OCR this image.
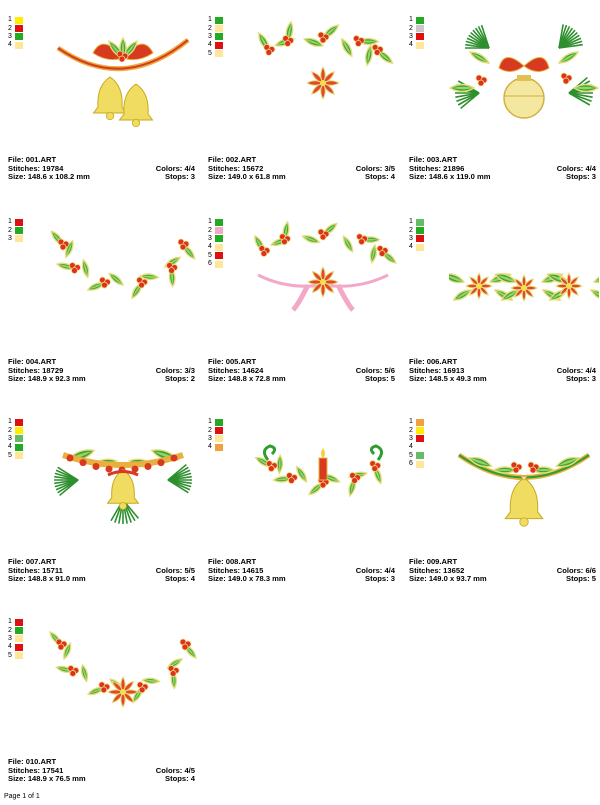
1
2
3
4
File: 001.ART
Stitches: 19784	Colors: 4/4
Size: 148.6 x 108.2 mm	Stops: 3
1
2
3
4
5
File: 002.ART
Stitches: 15672	Colors: 3/5
Size: 149.0 x 61.8 mm	Stops: 4
1
2
3
4
File: 003.ART
Stitches: 21896	Colors: 4/4
Size: 148.6 x 119.0 mm	Stops: 3
1
2
3
File: 004.ART
Stitches: 18729	Colors: 3/3
Size: 148.9 x 92.3 mm	Stops: 2
1
2
3
4
5
6
File: 005.ART
Stitches: 14624	Colors: 5/6
Size: 148.8 x 72.8 mm	Stops: 5
1
2
3
4
File: 006.ART
Stitches: 16913	Colors: 4/4
Size: 148.5 x 49.3 mm	Stops: 3
1
2
3
4
5
File: 007.ART
Stitches: 15711	Colors: 5/5
Size: 148.8 x 91.0 mm	Stops: 4
1
2
3
4
File: 008.ART
Stitches: 14615	Colors: 4/4
Size: 149.0 x 78.3 mm	Stops: 3
1
2
3
4
5
6
File: 009.ART
Stitches: 13652	Colors: 6/6
Size: 149.0 x 93.7 mm	Stops: 5
1
2
3
4
5
File: 010.ART
Stitches: 17541	Colors: 4/5
Size: 148.9 x 76.5 mm	Stops: 4
Page 1 of 1
